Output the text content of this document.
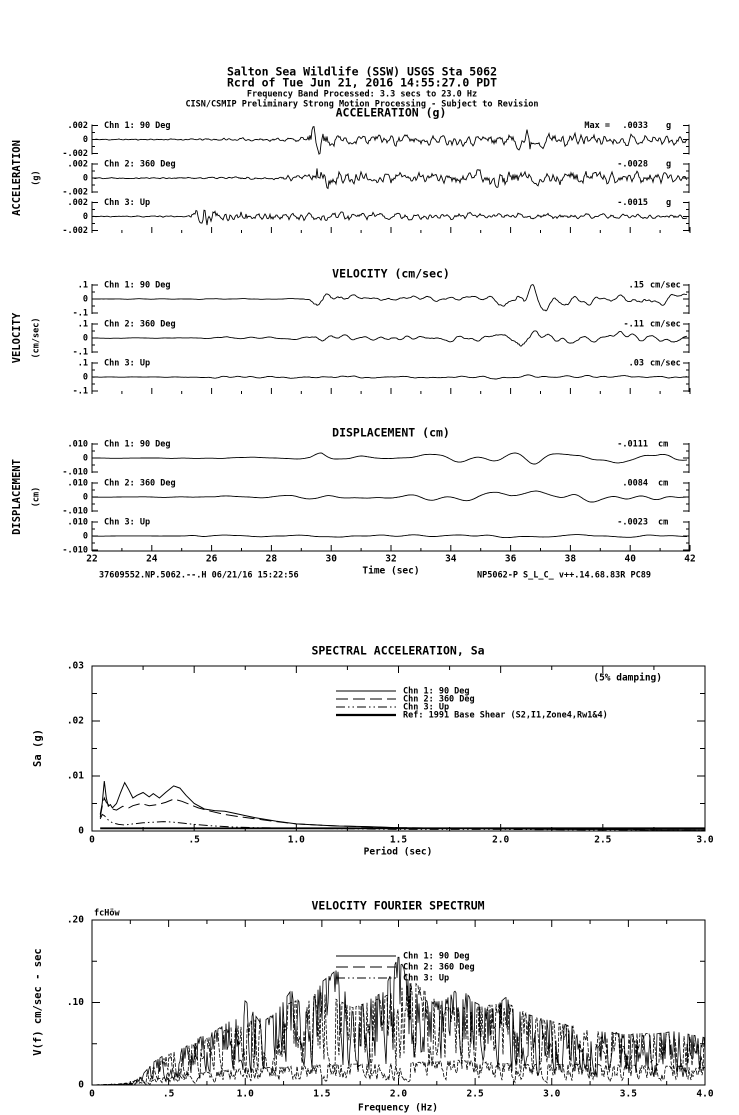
Salton Sea Wildlife (SSW) USGS Sta 5062
Rcrd of Tue Jun 21, 2016 14:55:27.0 PDT
Frequency Band Processed: 3.3 secs to 23.0 Hz
CISN/CSMIP Preliminary Strong Motion Processing - Subject to Revision
ACCELERATION (g)
ACCELERATION (g)
.002
0
-.002
Chn 1: 90 Deg	Max = .0033 g
.002
0
-.002
Chn 2: 360 Deg	-.0028 g
.002
0
-.002
Chn 3: Up	-.0015 g
VELOCITY (cm/sec)
VELOCITY (cm/sec)
.1
0
-.1
Chn 1: 90 Deg	.15 cm/sec
.1
0
-.1
Chn 2: 360 Deg	-.11 cm/sec
.1
0
-.1
Chn 3: Up	.03 cm/sec
DISPLACEMENT (cm)
DISPLACEMENT (cm)
.010
0
-.010
Chn 1: 90 Deg	-.0111 cm
.010
0
-.010
Chn 2: 360 Deg	.0084 cm
.010
0
-.010
Chn 3: Up	-.0023 cm
22	24	26	28	30	32	34	36	38	40	42
Time (sec)
37609552.NP.5062.--.H 06/21/16 15:22:56	NP5062-P S_L_C_ v++.14.68.83R PC89
SPECTRAL ACCELERATION, Sa
(5% damping)
Sa (g)
Period (sec)
0	.5	1.0	1.5	2.0	2.5	3.0
0
.01
.02
.03
Chn 1: 90 Deg
Chn 2: 360 Deg
Chn 3: Up
Ref: 1991 Base Shear (S2,I1,Zone4,Rw1&4)
VELOCITY FOURIER SPECTRUM
fcHöw
V(f) cm/sec - sec
Frequency (Hz)
0	.5	1.0	1.5	2.0	2.5	3.0	3.5	4.0
0
.10
.20
Chn 1: 90 Deg
Chn 2: 360 Deg
Chn 3: Up
